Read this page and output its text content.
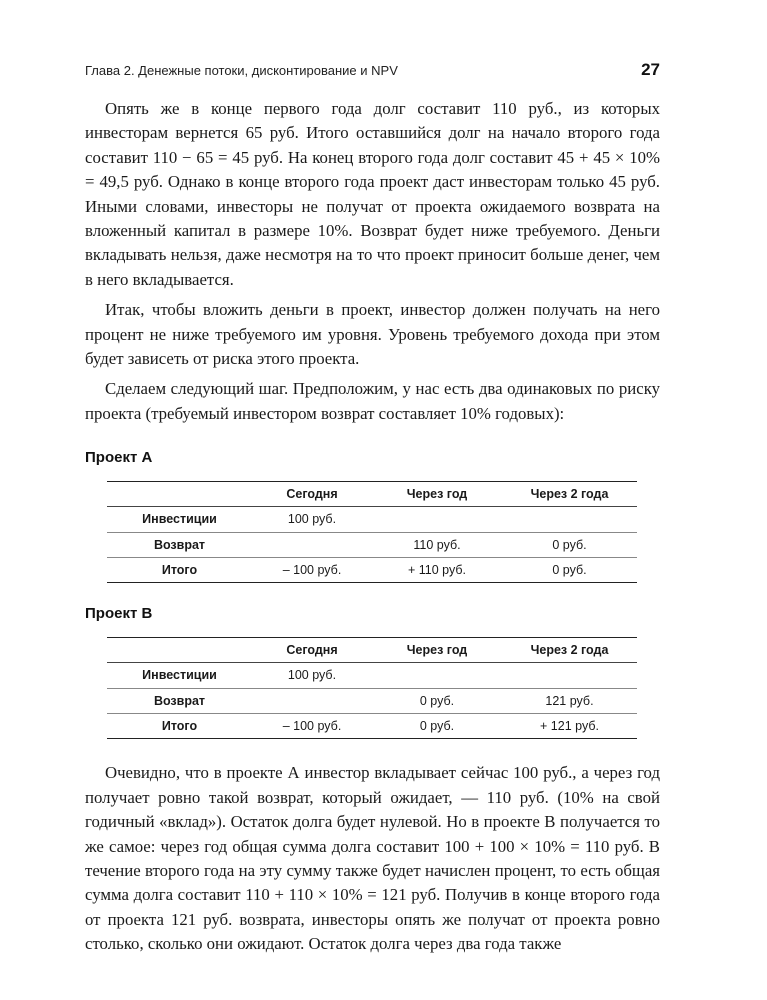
Глава 2. Денежные потоки, дисконтирование и NPV	27

Опять же в конце первого года долг составит 110 руб., из которых инвесторам вернется 65 руб. Итого оставшийся долг на начало второго года составит 110 − 65 = 45 руб. На конец второго года долг составит 45 + 45 × 10% = 49,5 руб. Однако в конце второго года проект даст инвесторам только 45 руб. Иными словами, инвесторы не получат от проекта ожидаемого возврата на вложенный капитал в размере 10%. Возврат будет ниже требуемого. Деньги вкладывать нельзя, даже несмотря на то что проект приносит больше денег, чем в него вкладывается.

Итак, чтобы вложить деньги в проект, инвестор должен получать на него процент не ниже требуемого им уровня. Уровень требуемого дохода при этом будет зависеть от риска этого проекта.

Сделаем следующий шаг. Предположим, у нас есть два одинаковых по риску проекта (требуемый инвестором возврат составляет 10% годовых):

Проект А
	Сегодня	Через год	Через 2 года
Инвестиции	100 руб.		
Возврат		110 руб.	0 руб.
Итого	– 100 руб.	+ 110 руб.	0 руб.
Проект В
	Сегодня	Через год	Через 2 года
Инвестиции	100 руб.		
Возврат		0 руб.	121 руб.
Итого	– 100 руб.	0 руб.	+ 121 руб.

Очевидно, что в проекте А инвестор вкладывает сейчас 100 руб., а через год получает ровно такой возврат, который ожидает, — 110 руб. (10% на свой годичный «вклад»). Остаток долга будет нулевой. Но в проекте В получается то же самое: через год общая сумма долга составит 100 + 100 × 10% = 110 руб. В течение второго года на эту сумму также будет начислен процент, то есть общая сумма долга составит 110 + 110 × 10% = 121 руб. Получив в конце второго года от проекта 121 руб. возврата, инвесторы опять же получат от проекта ровно столько, сколько они ожидают. Остаток долга через два года также
